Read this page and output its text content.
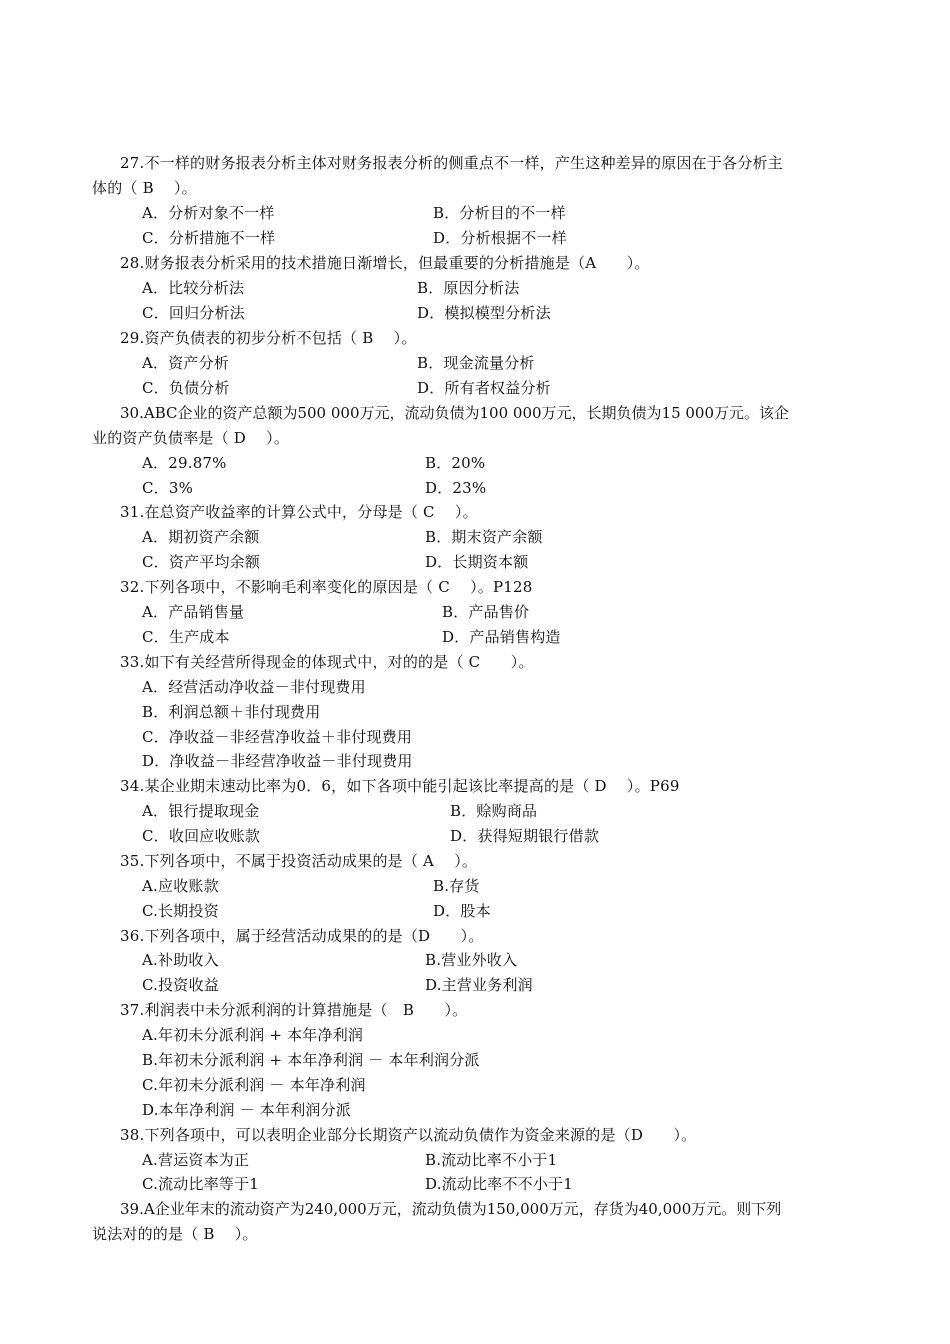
27.不一样的财务报表分析主体对财务报表分析的侧重点不一样，产生这种差异的原因在于各分析主
体的（ B　 ）。
A．分析对象不一样	B．分析目的不一样
C．分析措施不一样	D．分析根据不一样
28.财务报表分析采用的技术措施日渐增长，但最重要的分析措施是（A　　）。
A．比较分析法	B．原因分析法
C．回归分析法	D．模拟模型分析法
29.资产负债表的初步分析不包括（ B　 ）。
A．资产分析	B．现金流量分析
C．负债分析	D．所有者权益分析
30.ABC企业的资产总额为500 000万元，流动负债为100 000万元，长期负债为15 000万元。该企
业的资产负债率是（ D　 ）。
A．29.87%	B．20%
C．3%	D．23%
31.在总资产收益率的计算公式中，分母是（ C　 ）。
A．期初资产余额	B．期末资产余额
C．资产平均余额	D．长期资本额
32.下列各项中，不影响毛利率变化的原因是（ C　 ）。P128
A．产品销售量	B．产品售价
C．生产成本	D．产品销售构造
33.如下有关经营所得现金的体现式中，对的的是（ C　　）。
A．经营活动净收益－非付现费用
B．利润总额＋非付现费用
C．净收益－非经营净收益＋非付现费用
D．净收益－非经营净收益－非付现费用
34.某企业期末速动比率为0．6，如下各项中能引起该比率提高的是（ D　 ）。P69
A．银行提取现金	B．赊购商品
C．收回应收账款	D．获得短期银行借款
35.下列各项中，不属于投资活动成果的是（ A　 ）。
A.应收账款	B.存货
C.长期投资	D．股本
36.下列各项中，属于经营活动成果的的是（D　　）。
A.补助收入	B.营业外收入
C.投资收益	D.主营业务利润
37.利润表中未分派利润的计算措施是（　B　　）。
A.年初未分派利润 + 本年净利润
B.年初未分派利润 + 本年净利润 － 本年利润分派
C.年初未分派利润 － 本年净利润
D.本年净利润 － 本年利润分派
38.下列各项中，可以表明企业部分长期资产以流动负债作为资金来源的是（D　　）。
A.营运资本为正	B.流动比率不小于1
C.流动比率等于1	D.流动比率不不小于1
39.A企业年末的流动资产为240,000万元，流动负债为150,000万元，存货为40,000万元。则下列
说法对的的是（ B　 ）。
